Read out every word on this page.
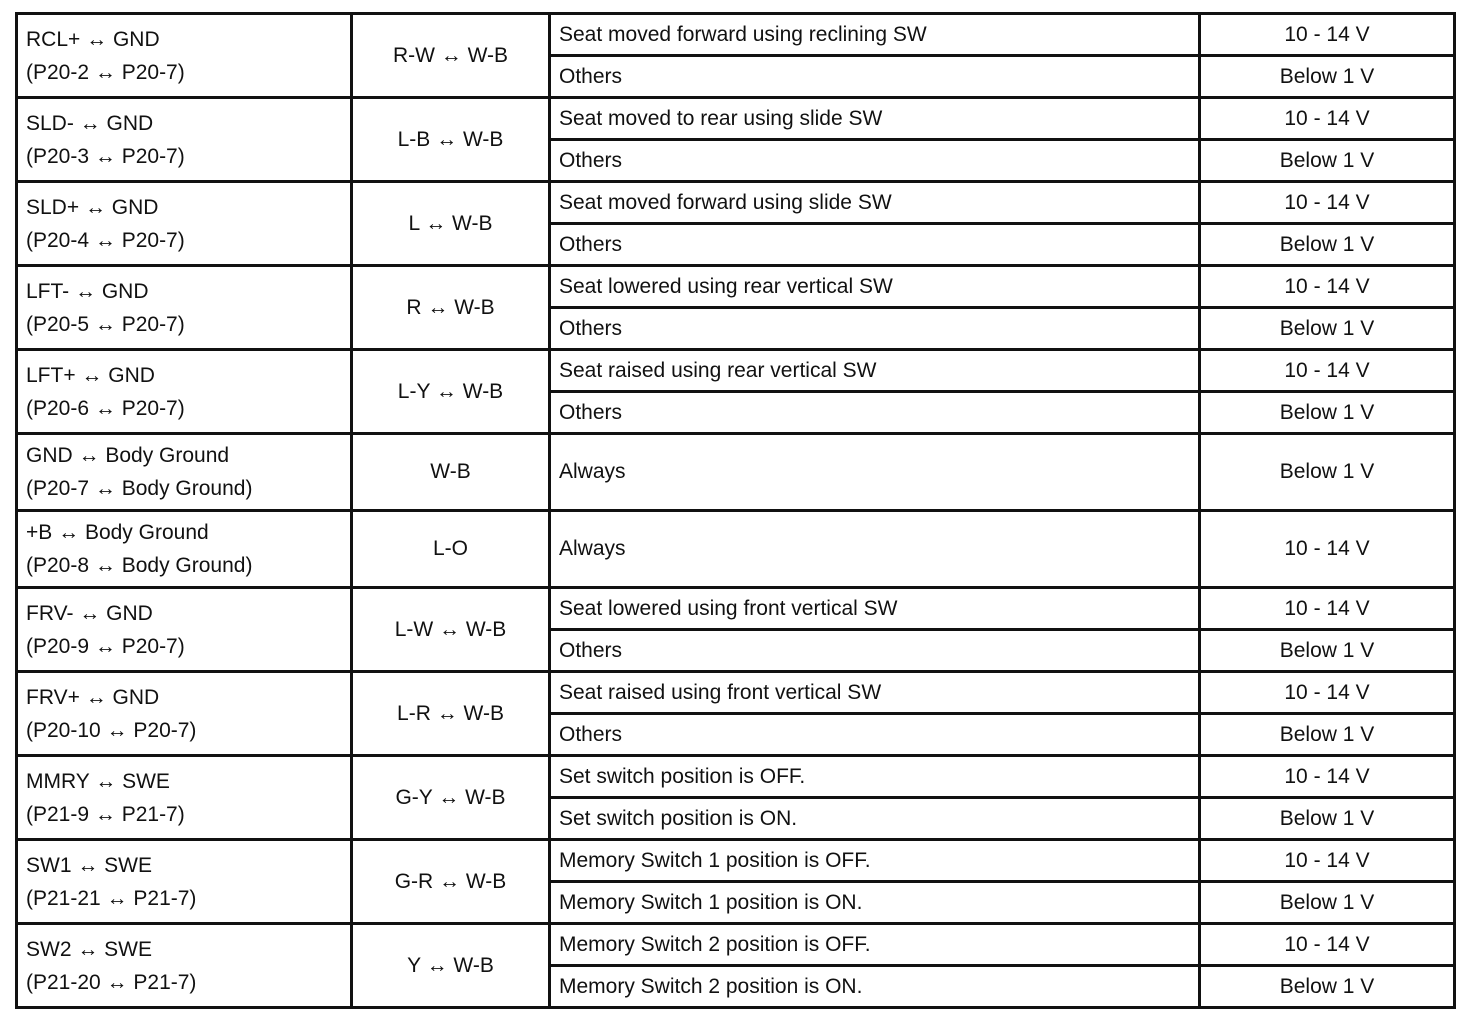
RCL+ ↔ GND
(P20-2 ↔ P20-7)	R-W ↔ W-B	Seat moved forward using reclining SW	10 - 14 V
		Others	Below 1 V

SLD- ↔ GND
(P20-3 ↔ P20-7)	L-B ↔ W-B	Seat moved to rear using slide SW	10 - 14 V
		Others	Below 1 V

SLD+ ↔ GND
(P20-4 ↔ P20-7)	L ↔ W-B	Seat moved forward using slide SW	10 - 14 V
		Others	Below 1 V

LFT- ↔ GND
(P20-5 ↔ P20-7)	R ↔ W-B	Seat lowered using rear vertical SW	10 - 14 V
		Others	Below 1 V

LFT+ ↔ GND
(P20-6 ↔ P20-7)	L-Y ↔ W-B	Seat raised using rear vertical SW	10 - 14 V
		Others	Below 1 V

GND ↔ Body Ground
(P20-7 ↔ Body Ground)	W-B	Always	Below 1 V

+B ↔ Body Ground
(P20-8 ↔ Body Ground)	L-O	Always	10 - 14 V

FRV- ↔ GND
(P20-9 ↔ P20-7)	L-W ↔ W-B	Seat lowered using front vertical SW	10 - 14 V
		Others	Below 1 V

FRV+ ↔ GND
(P20-10 ↔ P20-7)	L-R ↔ W-B	Seat raised using front vertical SW	10 - 14 V
		Others	Below 1 V

MMRY ↔ SWE
(P21-9 ↔ P21-7)	G-Y ↔ W-B	Set switch position is OFF.	10 - 14 V
		Set switch position is ON.	Below 1 V

SW1 ↔ SWE
(P21-21 ↔ P21-7)	G-R ↔ W-B	Memory Switch 1 position is OFF.	10 - 14 V
		Memory Switch 1 position is ON.	Below 1 V

SW2 ↔ SWE
(P21-20 ↔ P21-7)	Y ↔ W-B	Memory Switch 2 position is OFF.	10 - 14 V
		Memory Switch 2 position is ON.	Below 1 V
